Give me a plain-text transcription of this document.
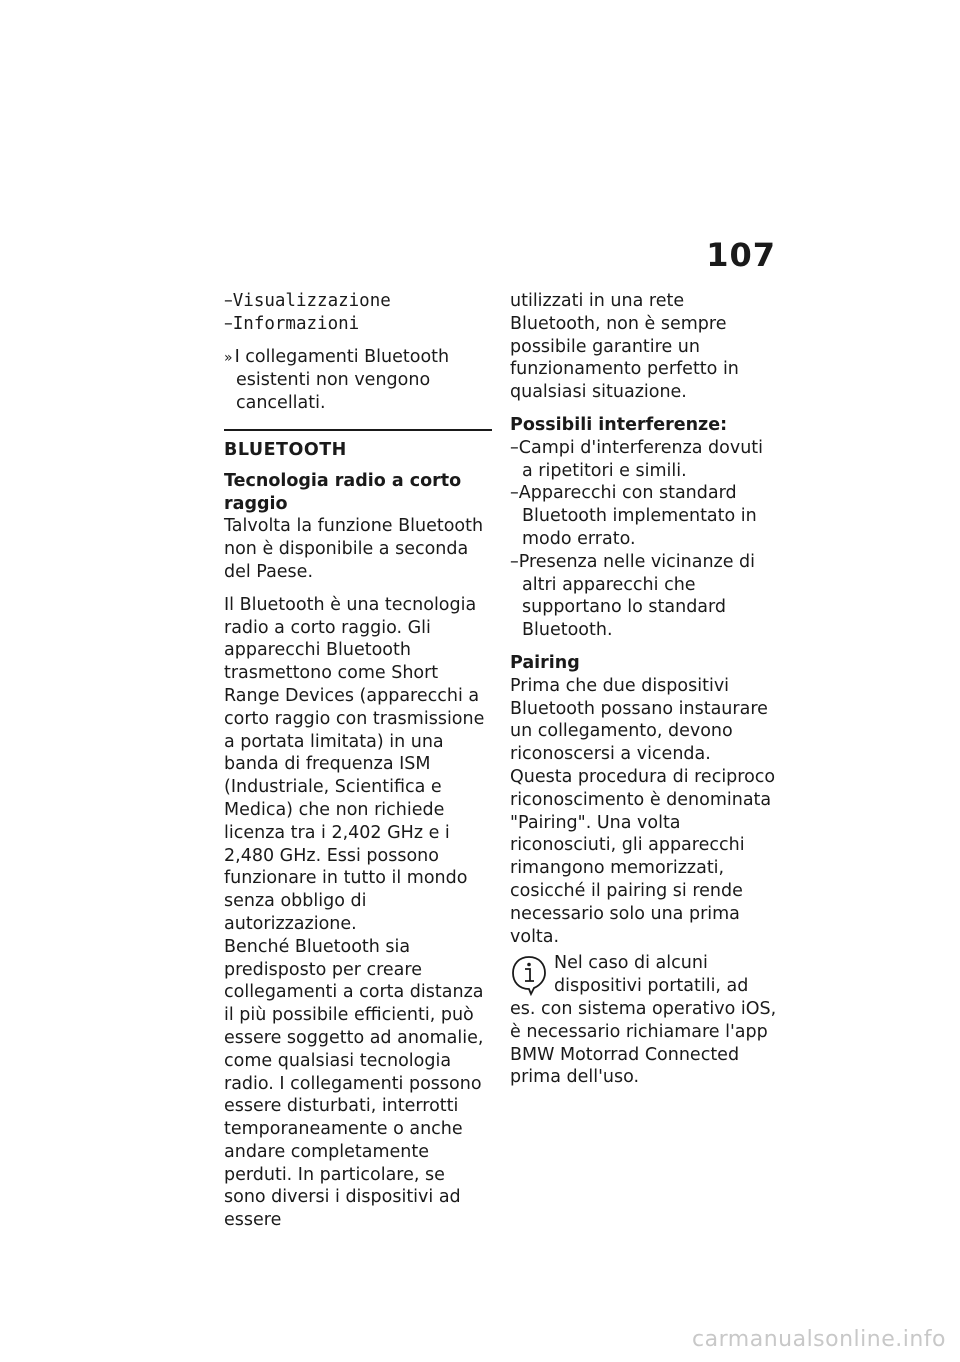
107
–Visualizzazione
–Informazioni

» I collegamenti Bluetooth esistenti non vengono cancellati.

BLUETOOTH
Tecnologia radio a corto raggio

Talvolta la funzione Bluetooth non è disponibile a seconda del Paese.

Il Bluetooth è una tecnologia radio a corto raggio. Gli apparecchi Bluetooth trasmettono come Short Range Devices (apparecchi a corto raggio con trasmissione a portata limitata) in una banda di frequenza ISM (Industriale, Scientifica e Medica) che non richiede licenza tra i 2,402 GHz e i 2,480 GHz. Essi possono funzionare in tutto il mondo senza obbligo di autorizzazione.

Benché Bluetooth sia predisposto per creare collegamenti a corta distanza il più possibile efficienti, può essere soggetto ad anomalie, come qualsiasi tecnologia radio. I collegamenti possono essere disturbati, interrotti temporaneamente o anche andare completamente perduti. In particolare, se sono diversi i dispositivi ad essere

utilizzati in una rete Bluetooth, non è sempre possibile garantire un funzionamento perfetto in qualsiasi situazione.

Possibili interferenze:
–Campi d'interferenza dovuti a ripetitori e simili.
–Apparecchi con standard Bluetooth implementato in modo errato.
–Presenza nelle vicinanze di altri apparecchi che supportano lo standard Bluetooth.
Pairing

Prima che due dispositivi Bluetooth possano instaurare un collegamento, devono riconoscersi a vicenda. Questa procedura di reciproco riconoscimento è denominata "Pairing". Una volta riconosciuti, gli apparecchi rimangono memorizzati, cosicché il pairing si rende necessario solo una prima volta.

Nel caso di alcuni dispositivi portatili, ad es. con sistema operativo iOS, è necessario richiamare l'app BMW Motorrad Connected prima dell'uso.

carmanualsonline.info
